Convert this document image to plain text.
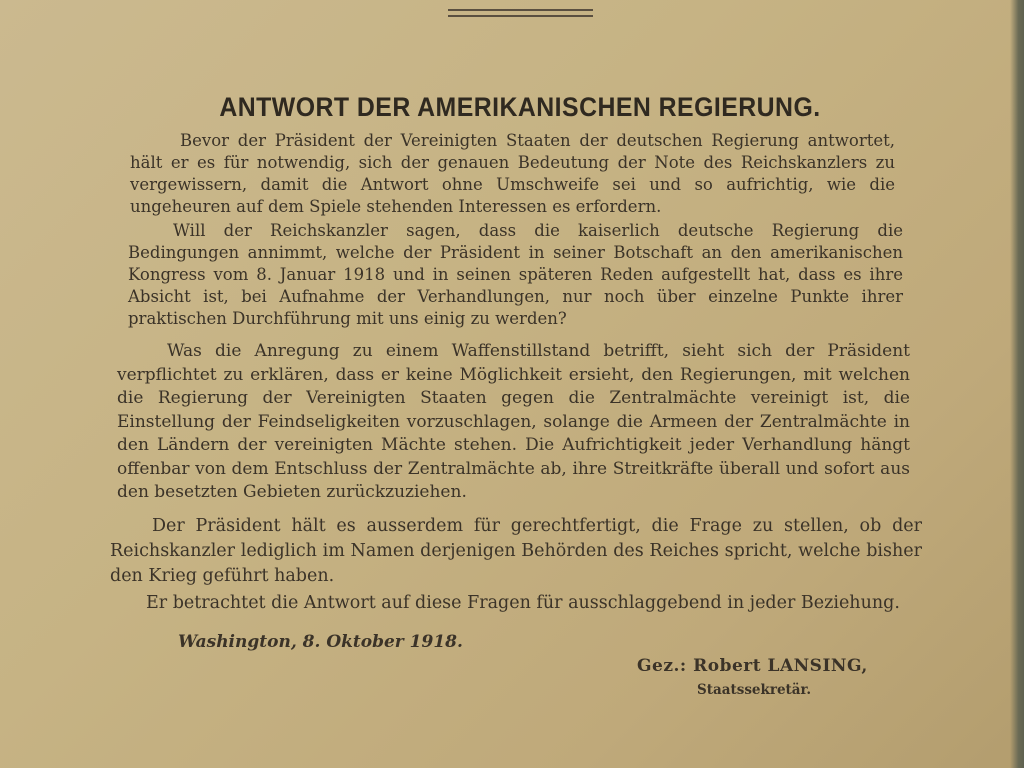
ANTWORT DER AMERIKANISCHEN REGIERUNG.

Bevor der Präsident der Vereinigten Staaten der deutschen Regierung antwortet, hält er es für notwendig, sich der genauen Bedeutung der Note des Reichskanzlers zu vergewissern, damit die Antwort ohne Umschweife sei und so aufrichtig, wie die ungeheuren auf dem Spiele stehenden Interessen es erfordern.

Will der Reichskanzler sagen, dass die kaiserlich deutsche Regierung die Bedingungen annimmt, welche der Präsident in seiner Botschaft an den amerikanischen Kongress vom 8. Januar 1918 und in seinen späteren Reden aufgestellt hat, dass es ihre Absicht ist, bei Aufnahme der Verhandlungen, nur noch über einzelne Punkte ihrer praktischen Durchführung mit uns einig zu werden?

Was die Anregung zu einem Waffenstillstand betrifft, sieht sich der Präsident verpflichtet zu erklären, dass er keine Möglichkeit ersieht, den Regierungen, mit welchen die Regierung der Vereinigten Staaten gegen die Zentralmächte vereinigt ist, die Einstellung der Feindseligkeiten vorzuschlagen, solange die Armeen der Zentralmächte in den Ländern der vereinigten Mächte stehen. Die Aufrichtigkeit jeder Verhandlung hängt offenbar von dem Entschluss der Zentralmächte ab, ihre Streitkräfte überall und sofort aus den besetzten Gebieten zurückzuziehen.

Der Präsident hält es ausserdem für gerechtfertigt, die Frage zu stellen, ob der Reichskanzler lediglich im Namen derjenigen Behörden des Reiches spricht, welche bisher den Krieg geführt haben.

Er betrachtet die Antwort auf diese Fragen für ausschlaggebend in jeder Beziehung.

Washington, 8. Oktober 1918.
Gez.: Robert LANSING,
Staatssekretär.
